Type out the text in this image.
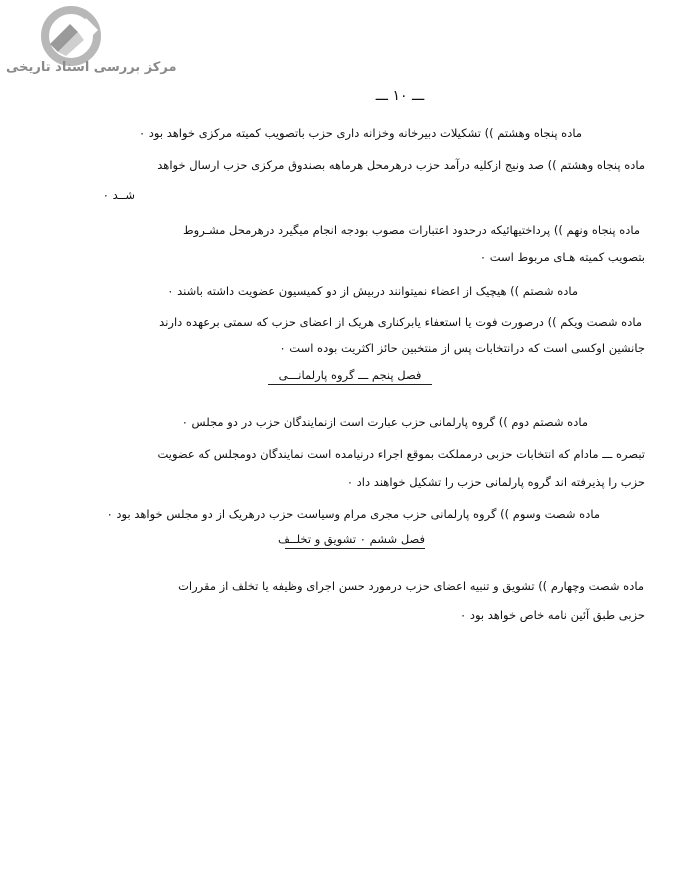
مرکز بررسی اسناد تاریخی
ـــ ۱۰ ـــ
ماده پنجاه وهشتم )) تشکیلات دبیرخانه وخزانه داری حزب باتصویب کمیته مرکزی خواهد بود ۰
ماده پنجاه وهشتم )) صد ونیج ازکلیه درآمد حزب درهرمحل هرماهه بصندوق مرکزی حزب ارسال خواهد
شــد ۰
ماده پنجاه ونهم )) پرداختیهائیکه درحدود اعتبارات مصوب بودجه انجام میگیرد درهرمحل مشـروط
بتصویب کمیته هـای مربوط است ۰
ماده شصتم )) هیچیک از اعضاء نمیتوانند دربیش از دو کمیسیون عضویت داشته باشند ۰
ماده شصت ویکم )) درصورت فوت یا استعفاء یابرکناری هریک از اعضای حزب که سمتی برعهده دارند
جانشین اوکسی است که درانتخابات پس از منتخبین حائز اکثریت بوده است ۰
فصل پنجم ـــ گروه پارلمانـــی
ماده شصتم دوم )) گروه پارلمانی حزب عبارت است ازنمایندگان حزب در دو مجلس ۰
تبصره ـــ مادام که انتخابات حزبی درمملکت بموقع اجراء درنیامده است نمایندگان دومجلس که عضویت
حزب را پذیرفته اند گروه پارلمانی حزب را تشکیل خواهند داد ۰
ماده شصت وسوم )) گروه پارلمانی حزب مجری مرام وسیاست حزب درهریک از دو مجلس خواهد بود ۰
فصل ششم ۰ تشویق و تخلــف
ماده شصت وچهارم )) تشویق و تنبیه اعضای حزب درمورد حسن اجرای وظیفه یا تخلف از مقررات
حزبی طبق آئین نامه خاص خواهد بود ۰
